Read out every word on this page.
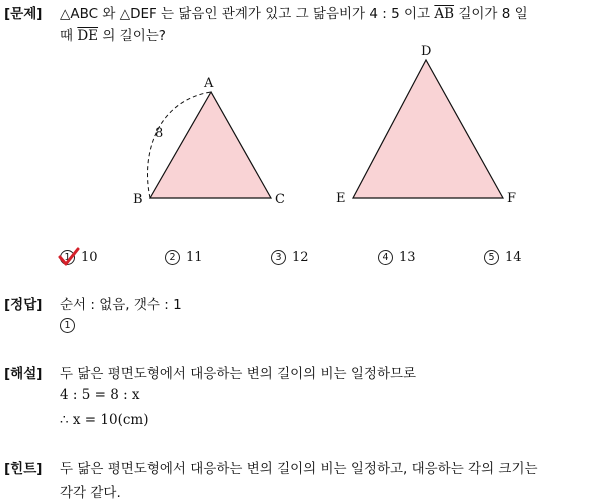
[문제] △ABC 와 △DEF 는 닮음인 관계가 있고 그 닮음비가 4 : 5 이고 $\overline{AB}$ 길이가 8 일
때 $\overline{DE}$ 의 길이는?
8
A
B	C
D
E	F
1 10	2 11	3 12	4 13	5 14
[정답] 순서 : 없음, 갯수 : 1
1
[해설] 두 닮은 평면도형에서 대응하는 변의 길이의 비는 일정하므로
4 : 5 = 8 : x
∴ x = 10(cm)
[힌트] 두 닮은 평면도형에서 대응하는 변의 길이의 비는 일정하고, 대응하는 각의 크기는
각각 같다.
